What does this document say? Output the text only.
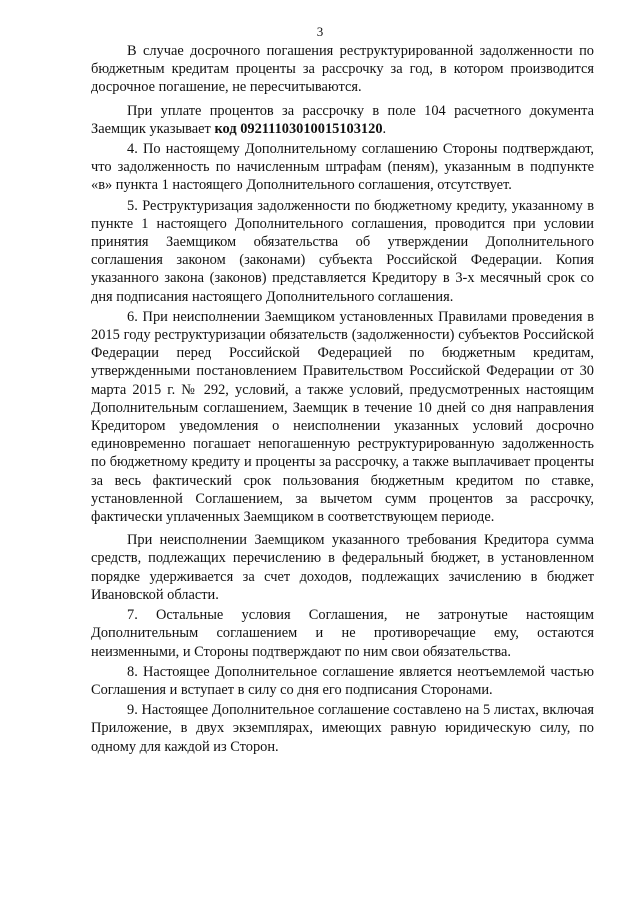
3

В случае досрочного погашения реструктурированной задолженности по бюджетным кредитам проценты за рассрочку за год, в котором производится досрочное погашение, не пересчитываются.

При уплате процентов за рассрочку в поле 104 расчетного документа Заемщик указывает код 09211103010015103120.

4. По настоящему Дополнительному соглашению Стороны подтверждают, что задолженность по начисленным штрафам (пеням), указанным в подпункте «в» пункта 1 настоящего Дополнительного соглашения, отсутствует.

5. Реструктуризация задолженности по бюджетному кредиту, указанному в пункте 1 настоящего Дополнительного соглашения, проводится при условии принятия Заемщиком обязательства об утверждении Дополнительного соглашения законом (законами) субъекта Российской Федерации. Копия указанного закона (законов) представляется Кредитору в 3-х месячный срок со дня подписания настоящего Дополнительного соглашения.

6. При неисполнении Заемщиком установленных Правилами проведения в 2015 году реструктуризации обязательств (задолженности) субъектов Российской Федерации перед Российской Федерацией по бюджетным кредитам, утвержденными постановлением Правительством Российской Федерации от 30 марта 2015 г. № 292, условий, а также условий, предусмотренных настоящим Дополнительным соглашением, Заемщик в течение 10 дней со дня направления Кредитором уведомления о неисполнении указанных условий досрочно единовременно погашает непогашенную реструктурированную задолженность по бюджетному кредиту и проценты за рассрочку, а также выплачивает проценты за весь фактический срок пользования бюджетным кредитом по ставке, установленной Соглашением, за вычетом сумм процентов за рассрочку, фактически уплаченных Заемщиком в соответствующем периоде.

При неисполнении Заемщиком указанного требования Кредитора сумма средств, подлежащих перечислению в федеральный бюджет, в установленном порядке удерживается за счет доходов, подлежащих зачислению в бюджет Ивановской области.

7. Остальные условия Соглашения, не затронутые настоящим Дополнительным соглашением и не противоречащие ему, остаются неизменными, и Стороны подтверждают по ним свои обязательства.

8. Настоящее Дополнительное соглашение является неотъемлемой частью Соглашения и вступает в силу со дня его подписания Сторонами.

9. Настоящее Дополнительное соглашение составлено на 5 листах, включая Приложение, в двух экземплярах, имеющих равную юридическую силу, по одному для каждой из Сторон.
